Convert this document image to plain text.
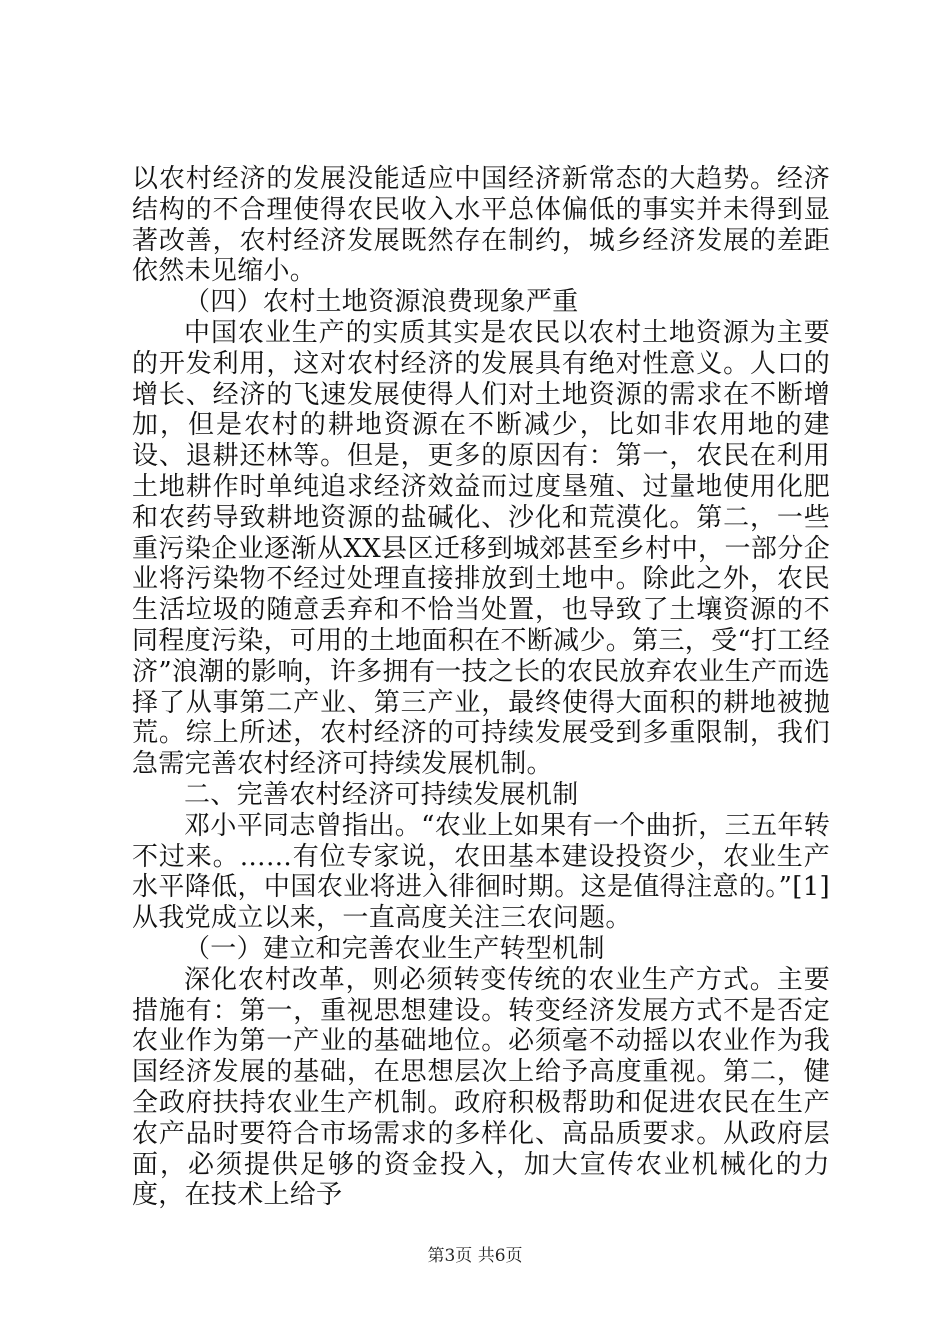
以农村经济的发展没能适应中国经济新常态的大趋势。经济结构的不合理使得农民收入水平总体偏低的事实并未得到显著改善，农村经济发展既然存在制约，城乡经济发展的差距依然未见缩小。

（四）农村土地资源浪费现象严重

中国农业生产的实质其实是农民以农村土地资源为主要的开发利用，这对农村经济的发展具有绝对性意义。人口的增长、经济的飞速发展使得人们对土地资源的需求在不断增加，但是农村的耕地资源在不断减少，比如非农用地的建设、退耕还林等。但是，更多的原因有：第一，农民在利用土地耕作时单纯追求经济效益而过度垦殖、过量地使用化肥和农药导致耕地资源的盐碱化、沙化和荒漠化。第二，一些重污染企业逐渐从XX县区迁移到城郊甚至乡村中，一部分企业将污染物不经过处理直接排放到土地中。除此之外，农民生活垃圾的随意丢弃和不恰当处置，也导致了土壤资源的不同程度污染，可用的土地面积在不断减少。第三，受“打工经济”浪潮的影响，许多拥有一技之长的农民放弃农业生产而选择了从事第二产业、第三产业，最终使得大面积的耕地被抛荒。综上所述，农村经济的可持续发展受到多重限制，我们急需完善农村经济可持续发展机制。

二、完善农村经济可持续发展机制

邓小平同志曾指出。“农业上如果有一个曲折，三五年转不过来。……有位专家说，农田基本建设投资少，农业生产水平降低，中国农业将进入徘徊时期。这是值得注意的。”[1]从我党成立以来，一直高度关注三农问题。

（一）建立和完善农业生产转型机制

深化农村改革，则必须转变传统的农业生产方式。主要措施有：第一，重视思想建设。转变经济发展方式不是否定农业作为第一产业的基础地位。必须毫不动摇以农业作为我国经济发展的基础，在思想层次上给予高度重视。第二，健全政府扶持农业生产机制。政府积极帮助和促进农民在生产农产品时要符合市场需求的多样化、高品质要求。从政府层面，必须提供足够的资金投入，加大宣传农业机械化的力度，在技术上给予

第3页 共6页
